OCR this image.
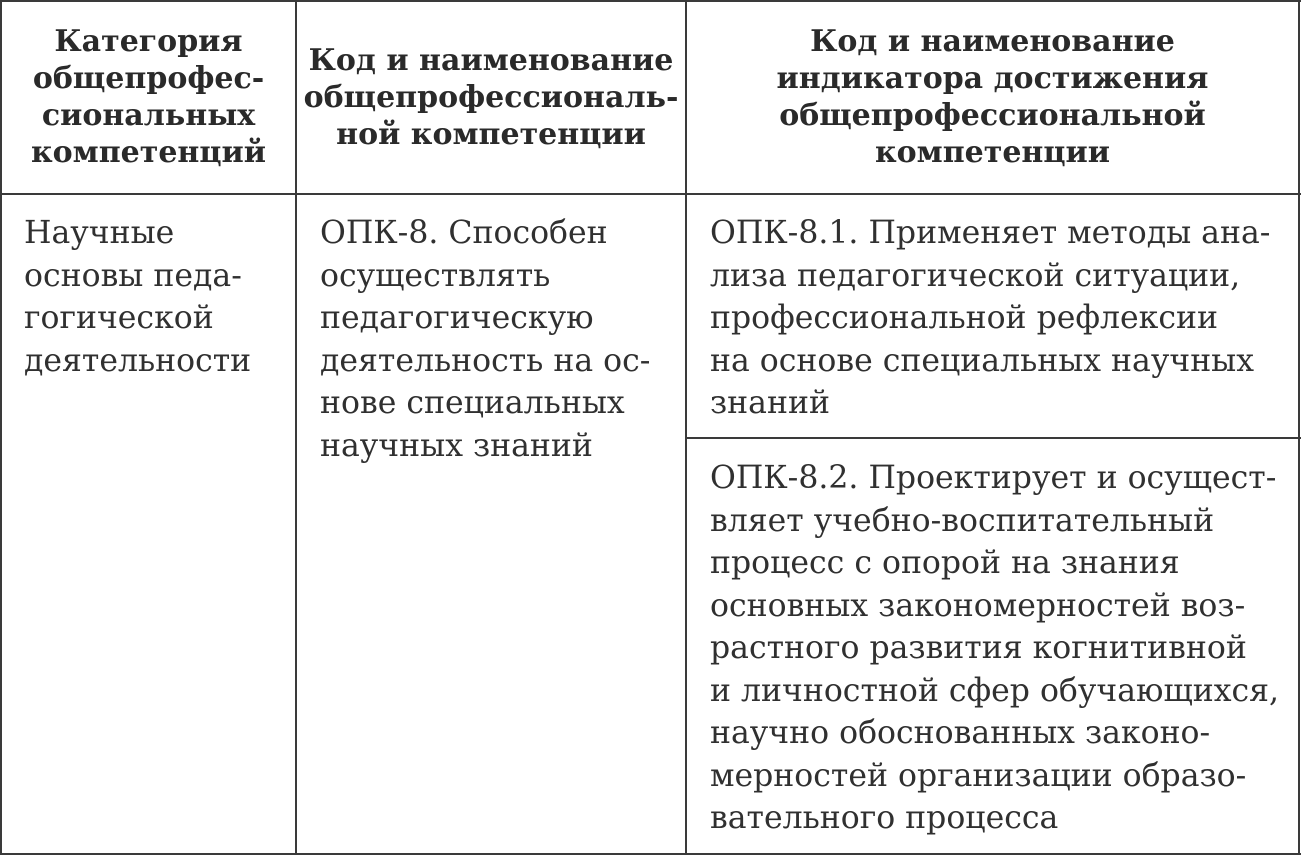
Категория
общепрофес-
сиональных
компетенций
Код и наименование
общепрофессиональ-
ной компетенции
Код и наименование
индикатора достижения
общепрофессиональной
компетенции
Научные
основы педа-
гогической
деятельности
ОПК-8. Способен
осуществлять
педагогическую
деятельность на ос-
нове специальных
научных знаний
ОПК-8.1. Применяет методы ана-
лиза педагогической ситуации,
профессиональной рефлексии
на основе специальных научных
знаний
ОПК-8.2. Проектирует и осущест-
вляет учебно-воспитательный
процесс с опорой на знания
основных закономерностей воз-
растного развития когнитивной
и личностной сфер обучающихся,
научно обоснованных законо-
мерностей организации образо-
вательного процесса
